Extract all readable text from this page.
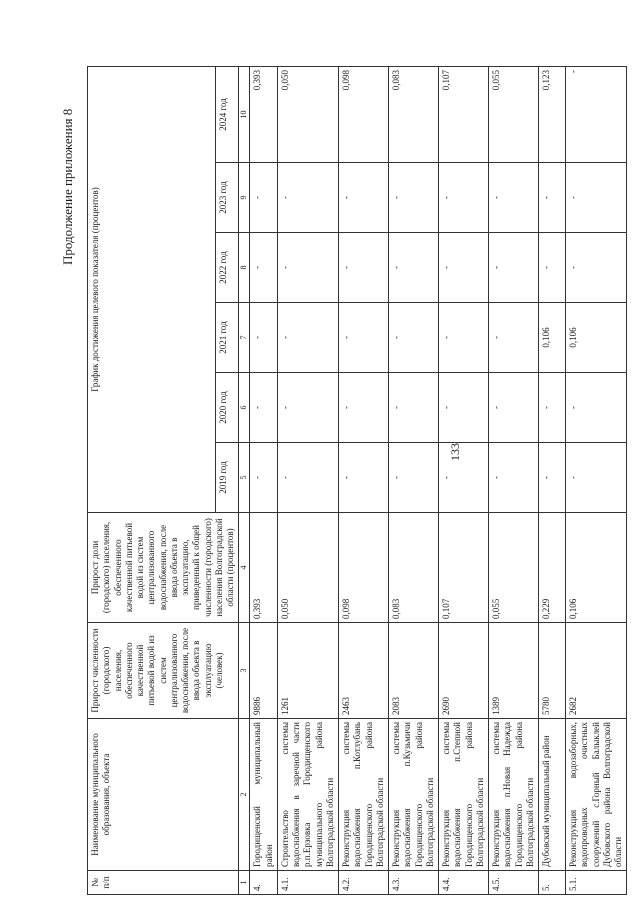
133
Продолжение приложения 8
№ п/п	Наименование муниципального образования, объекта	Прирост численности (городского) населения, обеспеченного качественной питьевой водой из систем централизованного водоснабжения, после ввода объекта в эксплуатацию (человек)	Прирост доли (городского) населения, обеспеченного качественной питьевой водой из систем централизованного водоснабжения, после ввода объекта в эксплуатацию, приведенный к общей численности (городского) населения Волгоградской области (процентов)	График достижения целевого показателя (процентов)					
				2019 год	2020 год	2021 год	2022 год	2023 год	2024 год
1	2	3	4	5	6	7	8	9	10
4.	Городищенский муниципальный район	9886	0,393	-	-	-	-	-	0,393
4.1.	Строительство системы водоснабжения в заречной части р.п.Ерзовка Городищенского муниципального района Волгоградской области	1261	0,050	-	-	-	-	-	0,050
4.2.	Реконструкция системы водоснабжения п.Котлубань Городищенского района Волгоградской области	2463	0,098	-	-	-	-	-	0,098
4.3.	Реконструкция системы водоснабжения п.Кузьмичи Городищенского района Волгоградской области	2083	0,083	-	-	-	-	-	0,083
4.4.	Реконструкция системы водоснабжения п.Степной Городищенского района Волгоградской области	2690	0,107	-	-	-	-	-	0,107
4.5.	Реконструкция системы водоснабжения п.Новая Надежда Городищенского района Волгоградской области	1389	0,055	-	-	-	-	-	0,055
5.	Дубовский муниципальный район	5780	0,229	-	-	0,106	-	-	0,123
5.1.	Реконструкция водозаборных, водопроводных очистных сооружений с.Горный Балыклей Дубовского района Волгоградской области	2682	0,106	-	-	0,106	-	-	-
